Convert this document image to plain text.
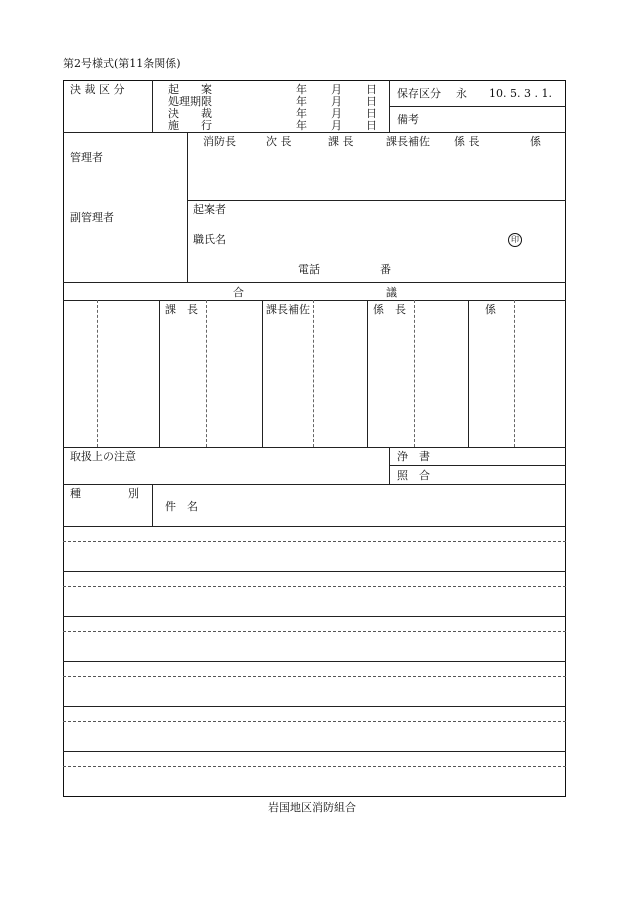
第2号様式(第11条関係)
決 裁 区 分	起　　案	年 月 日
処理期限	年 月 日
決　　裁	年 月 日
施　　行	年 月 日
保存区分 永　　10. 5. 3 . 1.
備考
管理者
副管理者
消防長	次 長	課 長	課長補佐 係 長	係
起案者
職氏名	印
電話	番
合	議
課　長	課長補佐	係　長	係
取扱上の注意	浄　書
照　合
種	別
件　名
岩国地区消防組合
